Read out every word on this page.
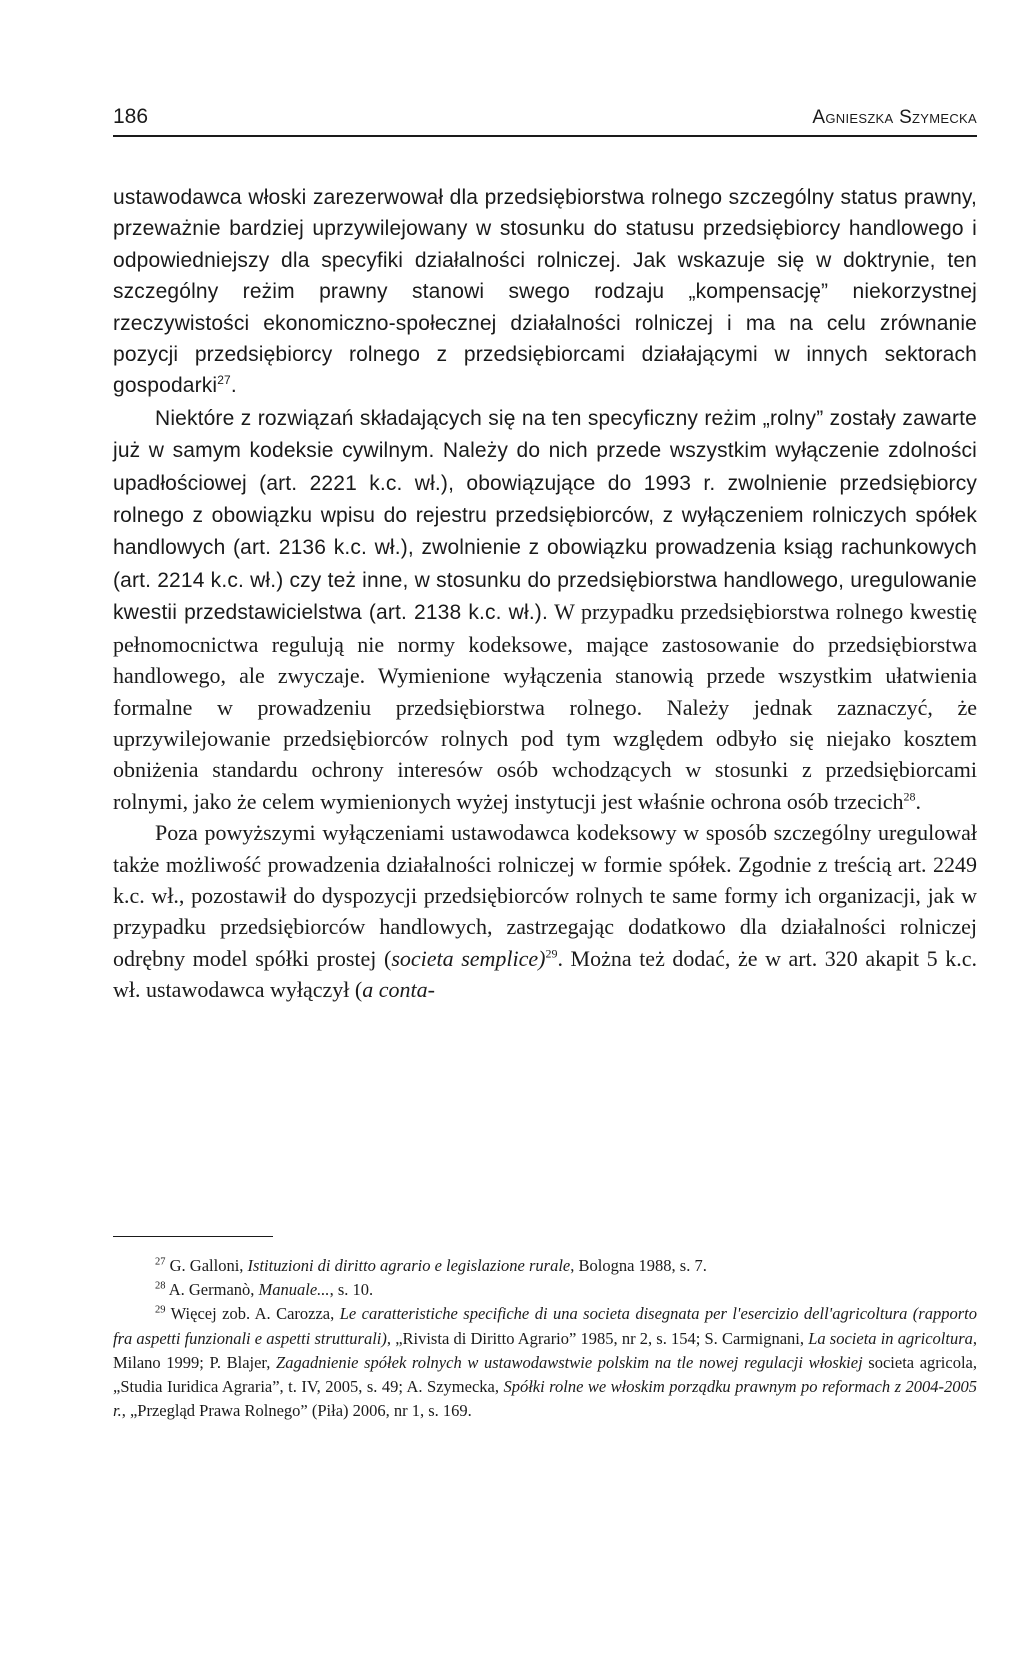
186	Agnieszka Szymecka

ustawodawca włoski zarezerwował dla przedsiębiorstwa rolnego szczególny status prawny, przeważnie bardziej uprzywilejowany w stosunku do statusu przedsiębiorcy handlowego i odpowiedniejszy dla specyfiki działalności rolniczej. Jak wskazuje się w doktrynie, ten szczególny reżim prawny stanowi swego rodzaju „kompensację” niekorzystnej rzeczywistości ekonomiczno-społecznej działalności rolniczej i ma na celu zrównanie pozycji przedsiębiorcy rolnego z przedsiębiorcami działającymi w innych sektorach gospodarki$^{27}$.

Niektóre z rozwiązań składających się na ten specyficzny reżim „rolny” zostały zawarte już w samym kodeksie cywilnym. Należy do nich przede wszystkim wyłączenie zdolności upadłościowej (art. 2221 k.c. wł.), obowiązujące do 1993 r. zwolnienie przedsiębiorcy rolnego z obowiązku wpisu do rejestru przedsiębiorców, z wyłączeniem rolniczych spółek handlowych (art. 2136 k.c. wł.), zwolnienie z obowiązku prowadzenia ksiąg rachunkowych (art. 2214 k.c. wł.) czy też inne, w stosunku do przedsiębiorstwa handlowego, uregulowanie kwestii przedstawicielstwa (art. 2138 k.c. wł.). W przypadku przedsiębiorstwa rolnego kwestię pełnomocnictwa regulują nie normy kodeksowe, mające zastosowanie do przedsiębiorstwa handlowego, ale zwyczaje. Wymienione wyłączenia stanowią przede wszystkim ułatwienia formalne w prowadzeniu przedsiębiorstwa rolnego. Należy jednak zaznaczyć, że uprzywilejowanie przedsiębiorców rolnych pod tym względem odbyło się niejako kosztem obniżenia standardu ochrony interesów osób wchodzących w stosunki z przedsiębiorcami rolnymi, jako że celem wymienionych wyżej instytucji jest właśnie ochrona osób trzecich$^{28}$.

Poza powyższymi wyłączeniami ustawodawca kodeksowy w sposób szczególny uregulował także możliwość prowadzenia działalności rolniczej w formie spółek. Zgodnie z treścią art. 2249 k.c. wł., pozostawił do dyspozycji przedsiębiorców rolnych te same formy ich organizacji, jak w przypadku przedsiębiorców handlowych, zastrzegając dodatkowo dla działalności rolniczej odrębny model spółki prostej (societa semplice)$^{29}$. Można też dodać, że w art. 320 akapit 5 k.c. wł. ustawodawca wyłączył (a conta-

$^{27}$ G. Galloni, Istituzioni di diritto agrario e legislazione rurale, Bologna 1988, s. 7.

$^{28}$ A. Germanò, Manuale..., s. 10.

$^{29}$ Więcej zob. A. Carozza, Le caratteristiche specifiche di una societa disegnata per l'esercizio dell'agricoltura (rapporto fra aspetti funzionali e aspetti strutturali), „Rivista di Diritto Agrario” 1985, nr 2, s. 154; S. Carmignani, La societa in agricoltura, Milano 1999; P. Blajer, Zagadnienie spółek rolnych w ustawodawstwie polskim na tle nowej regulacji włoskiej societa agricola, „Studia Iuridica Agraria”, t. IV, 2005, s. 49; A. Szymecka, Spółki rolne we włoskim porządku prawnym po reformach z 2004-2005 r., „Przegląd Prawa Rolnego” (Piła) 2006, nr 1, s. 169.
